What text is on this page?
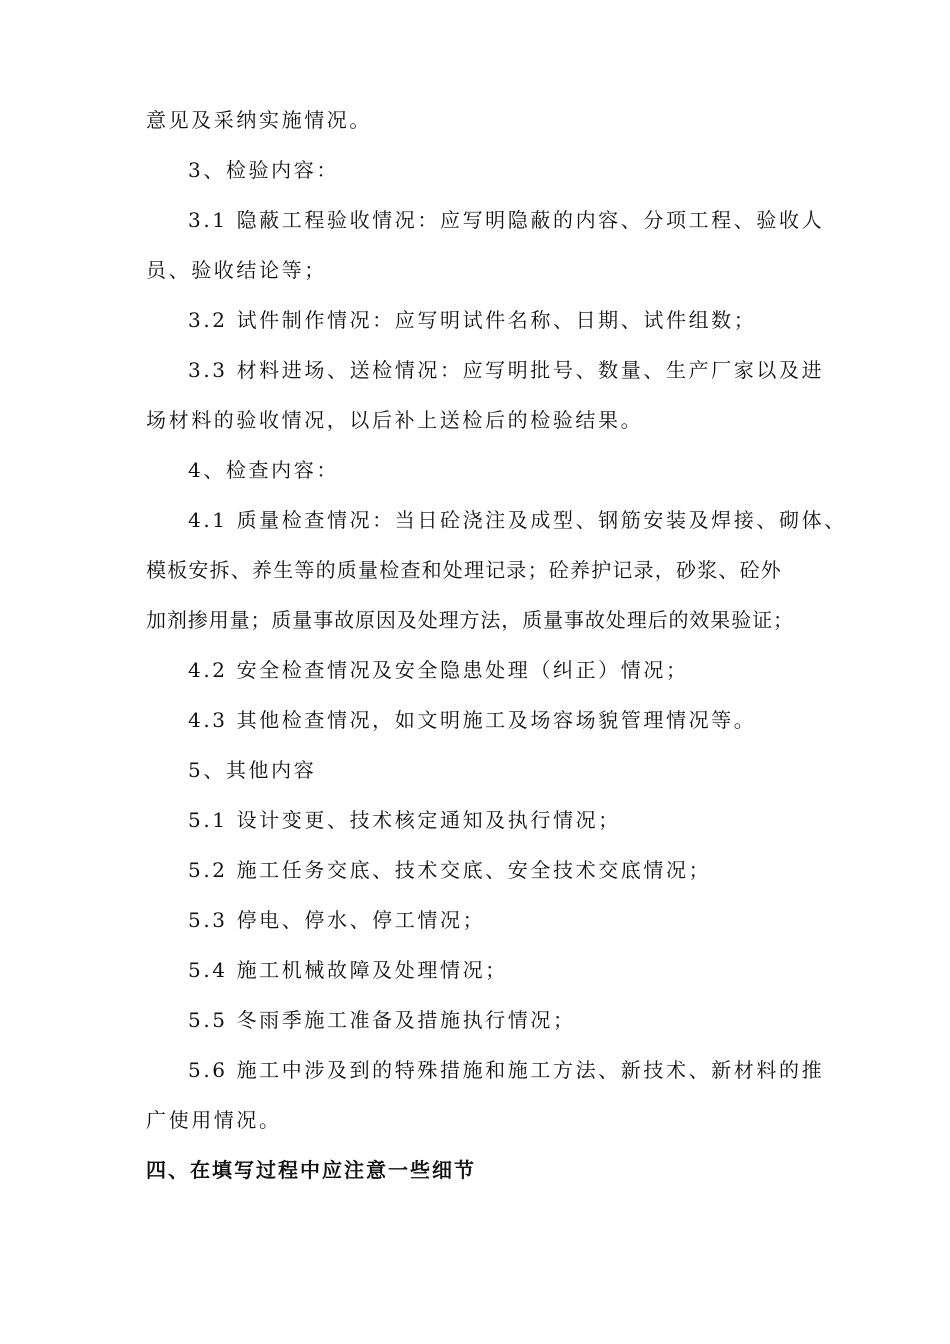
意见及采纳实施情况。
3、检验内容：
3.1 隐蔽工程验收情况：应写明隐蔽的内容、分项工程、验收人
员、验收结论等；
3.2 试件制作情况：应写明试件名称、日期、试件组数；
3.3 材料进场、送检情况：应写明批号、数量、生产厂家以及进
场材料的验收情况，以后补上送检后的检验结果。
4、检查内容：
4.1 质量检查情况：当日砼浇注及成型、钢筋安装及焊接、砌体、
模板安拆、养生等的质量检查和处理记录；砼养护记录，砂浆、砼外
加剂掺用量；质量事故原因及处理方法，质量事故处理后的效果验证；
4.2 安全检查情况及安全隐患处理（纠正）情况；
4.3 其他检查情况，如文明施工及场容场貌管理情况等。
5、其他内容
5.1 设计变更、技术核定通知及执行情况；
5.2 施工任务交底、技术交底、安全技术交底情况；
5.3 停电、停水、停工情况；
5.4 施工机械故障及处理情况；
5.5 冬雨季施工准备及措施执行情况；
5.6 施工中涉及到的特殊措施和施工方法、新技术、新材料的推
广使用情况。
四、在填写过程中应注意一些细节
